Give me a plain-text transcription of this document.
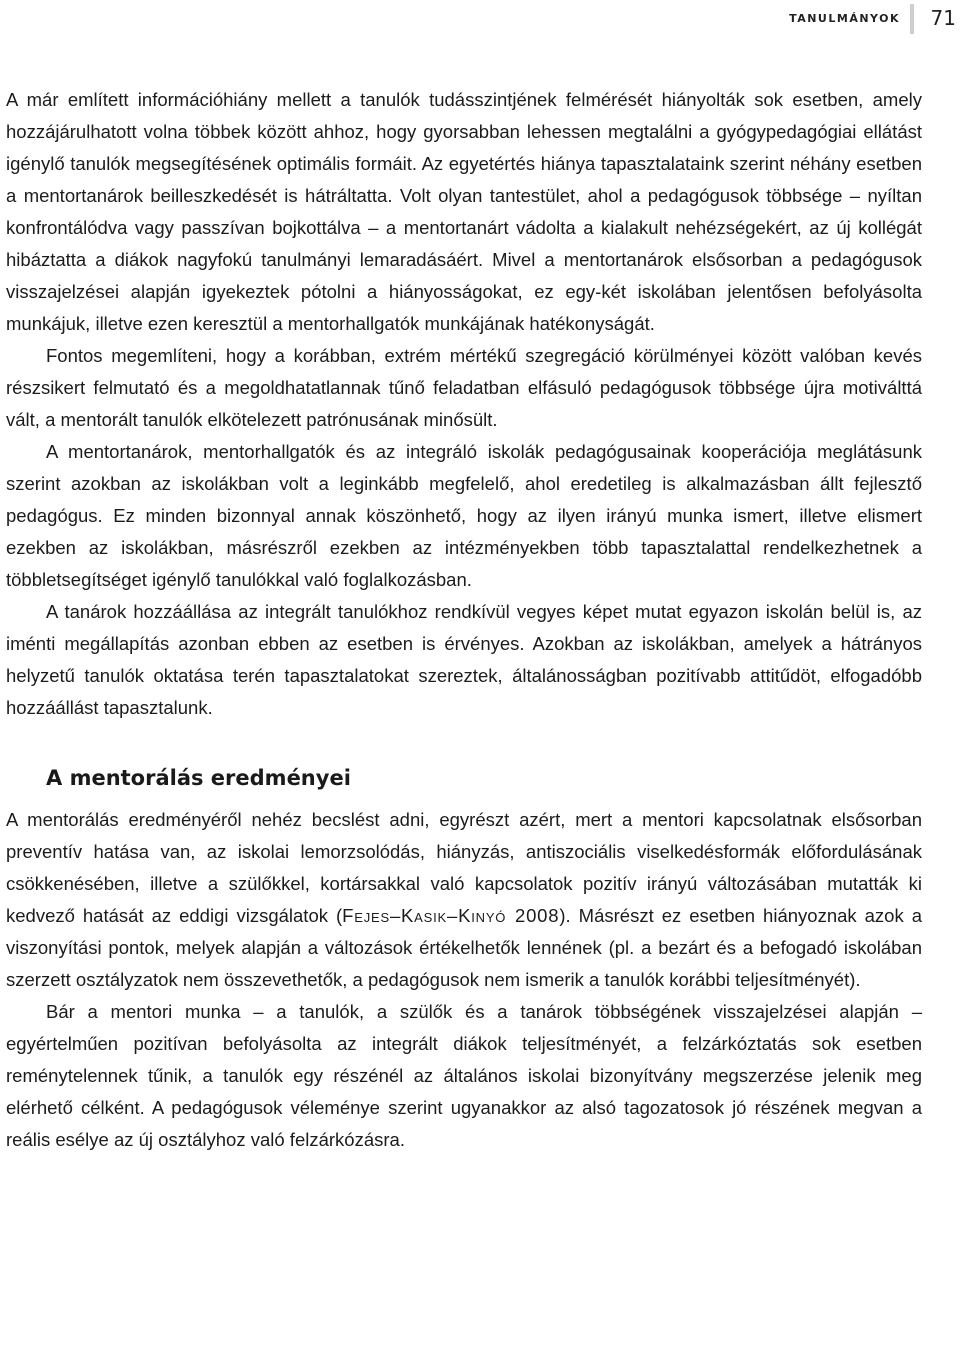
tanulmányok 71

A már említett információhiány mellett a tanulók tudásszintjének felmérését hiányolták sok esetben, amely hozzájárulhatott volna többek között ahhoz, hogy gyorsabban lehessen megtalálni a gyógypedagógiai ellátást igénylő tanulók megsegítésének optimális formáit. Az egyetértés hiánya tapasztalataink szerint néhány esetben a mentortanárok beilleszkedését is hátráltatta. Volt olyan tantestület, ahol a pedagógusok többsége – nyíltan konfrontálódva vagy passzívan bojkottálva – a mentortanárt vádolta a kialakult nehézségekért, az új kollégát hibáztatta a diákok nagyfokú tanulmányi lemaradásáért. Mivel a mentortanárok elsősorban a pedagógusok visszajelzései alapján igyekeztek pótolni a hiányosságokat, ez egy-két iskolában jelentősen befolyásolta munkájuk, illetve ezen keresztül a mentorhallgatók munkájának hatékonyságát.

Fontos megemlíteni, hogy a korábban, extrém mértékű szegregáció körülményei között valóban kevés részsikert felmutató és a megoldhatatlannak tűnő feladatban elfásuló pedagógusok többsége újra motiválttá vált, a mentorált tanulók elkötelezett patrónusának minősült.

A mentortanárok, mentorhallgatók és az integráló iskolák pedagógusainak kooperációja meglátásunk szerint azokban az iskolákban volt a leginkább megfelelő, ahol eredetileg is alkalmazásban állt fejlesztő pedagógus. Ez minden bizonnyal annak köszönhető, hogy az ilyen irányú munka ismert, illetve elismert ezekben az iskolákban, másrészről ezekben az intézményekben több tapasztalattal rendelkezhetnek a többletsegítséget igénylő tanulókkal való foglalkozásban.

A tanárok hozzáállása az integrált tanulókhoz rendkívül vegyes képet mutat egyazon iskolán belül is, az iménti megállapítás azonban ebben az esetben is érvényes. Azokban az iskolákban, amelyek a hátrányos helyzetű tanulók oktatása terén tapasztalatokat szereztek, általánosságban pozitívabb attitűdöt, elfogadóbb hozzáállást tapasztalunk.

A mentorálás eredményei

A mentorálás eredményéről nehéz becslést adni, egyrészt azért, mert a mentori kapcsolatnak elsősorban preventív hatása van, az iskolai lemorzsolódás, hiányzás, antiszociális viselkedésformák előfordulásának csökkenésében, illetve a szülőkkel, kortársakkal való kapcsolatok pozitív irányú változásában mutatták ki kedvező hatását az eddigi vizsgálatok (Fejes–Kasik–Kinyó 2008). Másrészt ez esetben hiányoznak azok a viszonyítási pontok, melyek alapján a változások értékelhetők lennének (pl. a bezárt és a befogadó iskolában szerzett osztályzatok nem összevethetők, a pedagógusok nem ismerik a tanulók korábbi teljesítményét).

Bár a mentori munka – a tanulók, a szülők és a tanárok többségének visszajelzései alapján – egyértelműen pozitívan befolyásolta az integrált diákok teljesítményét, a felzárkóztatás sok esetben reménytelennek tűnik, a tanulók egy részénél az általános iskolai bizonyítvány megszerzése jelenik meg elérhető célként. A pedagógusok véleménye szerint ugyanakkor az alsó tagozatosok jó részének megvan a reális esélye az új osztályhoz való felzárkózásra.
